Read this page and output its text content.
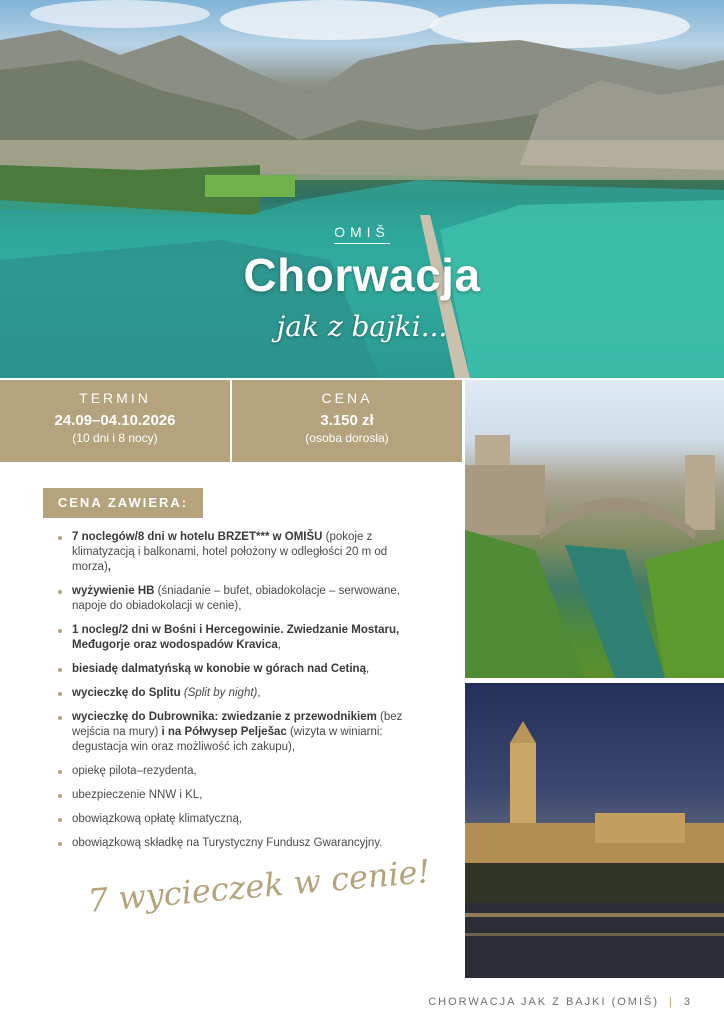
OMIŠ
Chorwacja
jak z bajki...
TERMIN
24.09–04.10.2026
(10 dni i 8 nocy)
CENA
3.150 zł
(osoba dorosła)
CENA ZAWIERA:
7 noclegów/8 dni w hotelu BRZET*** w OMIŠU (pokoje z klimatyzacją i balkonami, hotel położony w odległości 20 m od morza),
wyżywienie HB (śniadanie – bufet, obiadokolacje – serwowane, napoje do obiadokolacji w cenie),
1 nocleg/2 dni w Bośni i Hercegowinie. Zwiedzanie Mostaru, Međugorje oraz wodospadów Kravica,
biesiadę dalmatyńską w konobie w górach nad Cetiną,
wycieczkę do Splitu (Split by night),
wycieczkę do Dubrownika: zwiedzanie z przewodnikiem (bez wejścia na mury) i na Półwysep Pelješac (wizyta w winiarni: degustacja win oraz możliwość ich zakupu),
opiekę pilota–rezydenta,
ubezpieczenie NNW i KL,
obowiązkową opłatę klimatyczną,
obowiązkową składkę na Turystyczny Fundusz Gwarancyjny.
7 wycieczek w cenie!
CHORWACJA JAK Z BAJKI (OMIŠ) | 3
